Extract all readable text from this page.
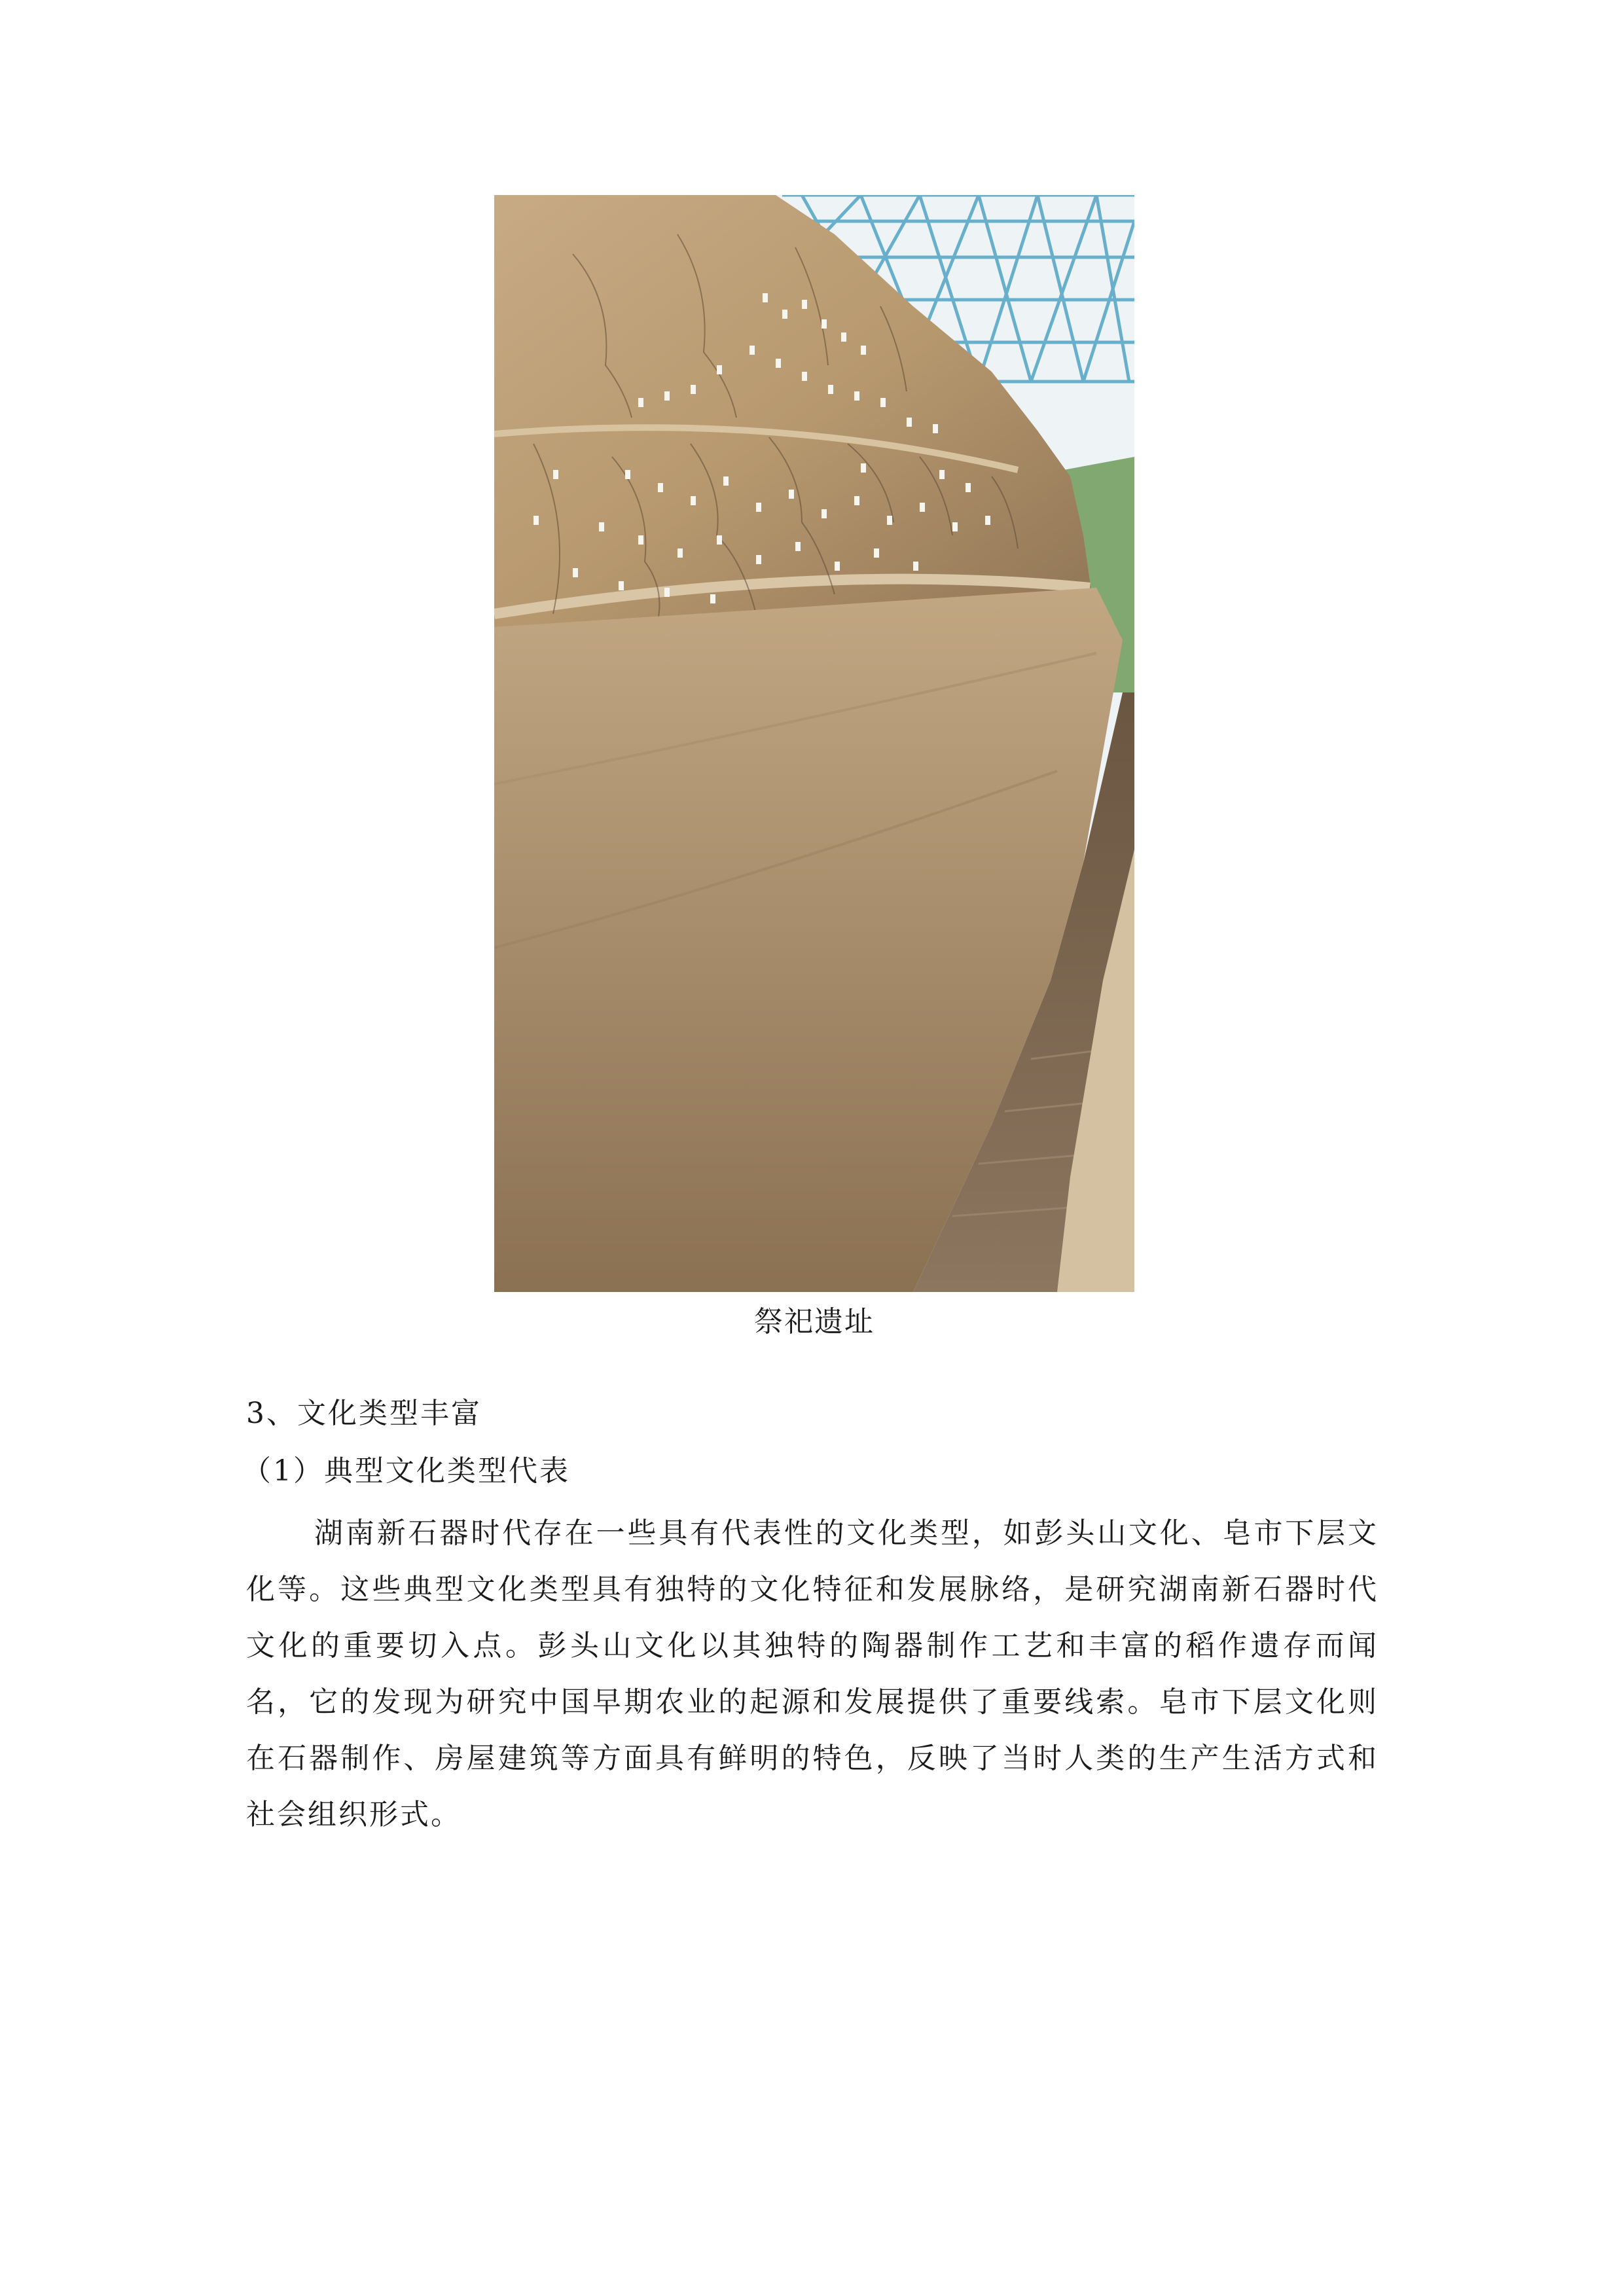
祭祀遗址
3、文化类型丰富
（1）典型文化类型代表

湖南新石器时代存在一些具有代表性的文化类型，如彭头山文化、皂市下层文化等。这些典型文化类型具有独特的文化特征和发展脉络，是研究湖南新石器时代文化的重要切入点。彭头山文化以其独特的陶器制作工艺和丰富的稻作遗存而闻名，它的发现为研究中国早期农业的起源和发展提供了重要线索。皂市下层文化则在石器制作、房屋建筑等方面具有鲜明的特色，反映了当时人类的生产生活方式和社会组织形式。
